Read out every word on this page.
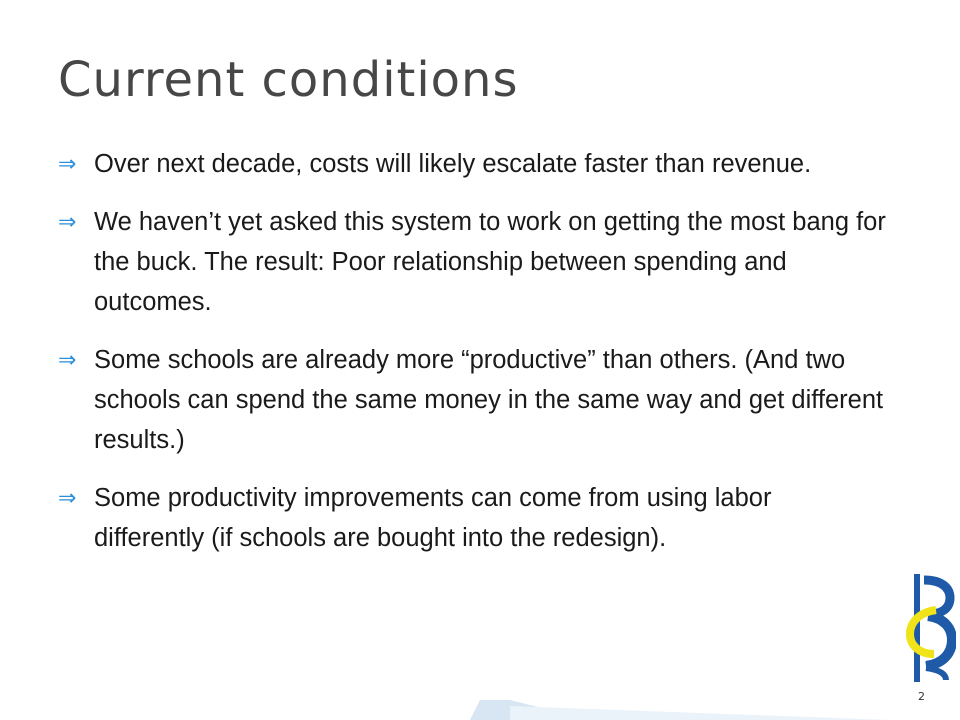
Current conditions
⇒ Over next decade, costs will likely escalate faster than revenue.
⇒ We haven’t yet asked this system to work on getting the most bang for the buck. The result: Poor relationship between spending and outcomes.
⇒ Some schools are already more “productive” than others. (And two schools can spend the same money in the same way and get different results.)
⇒ Some productivity improvements can come from using labor differently (if schools are bought into the redesign).
2
